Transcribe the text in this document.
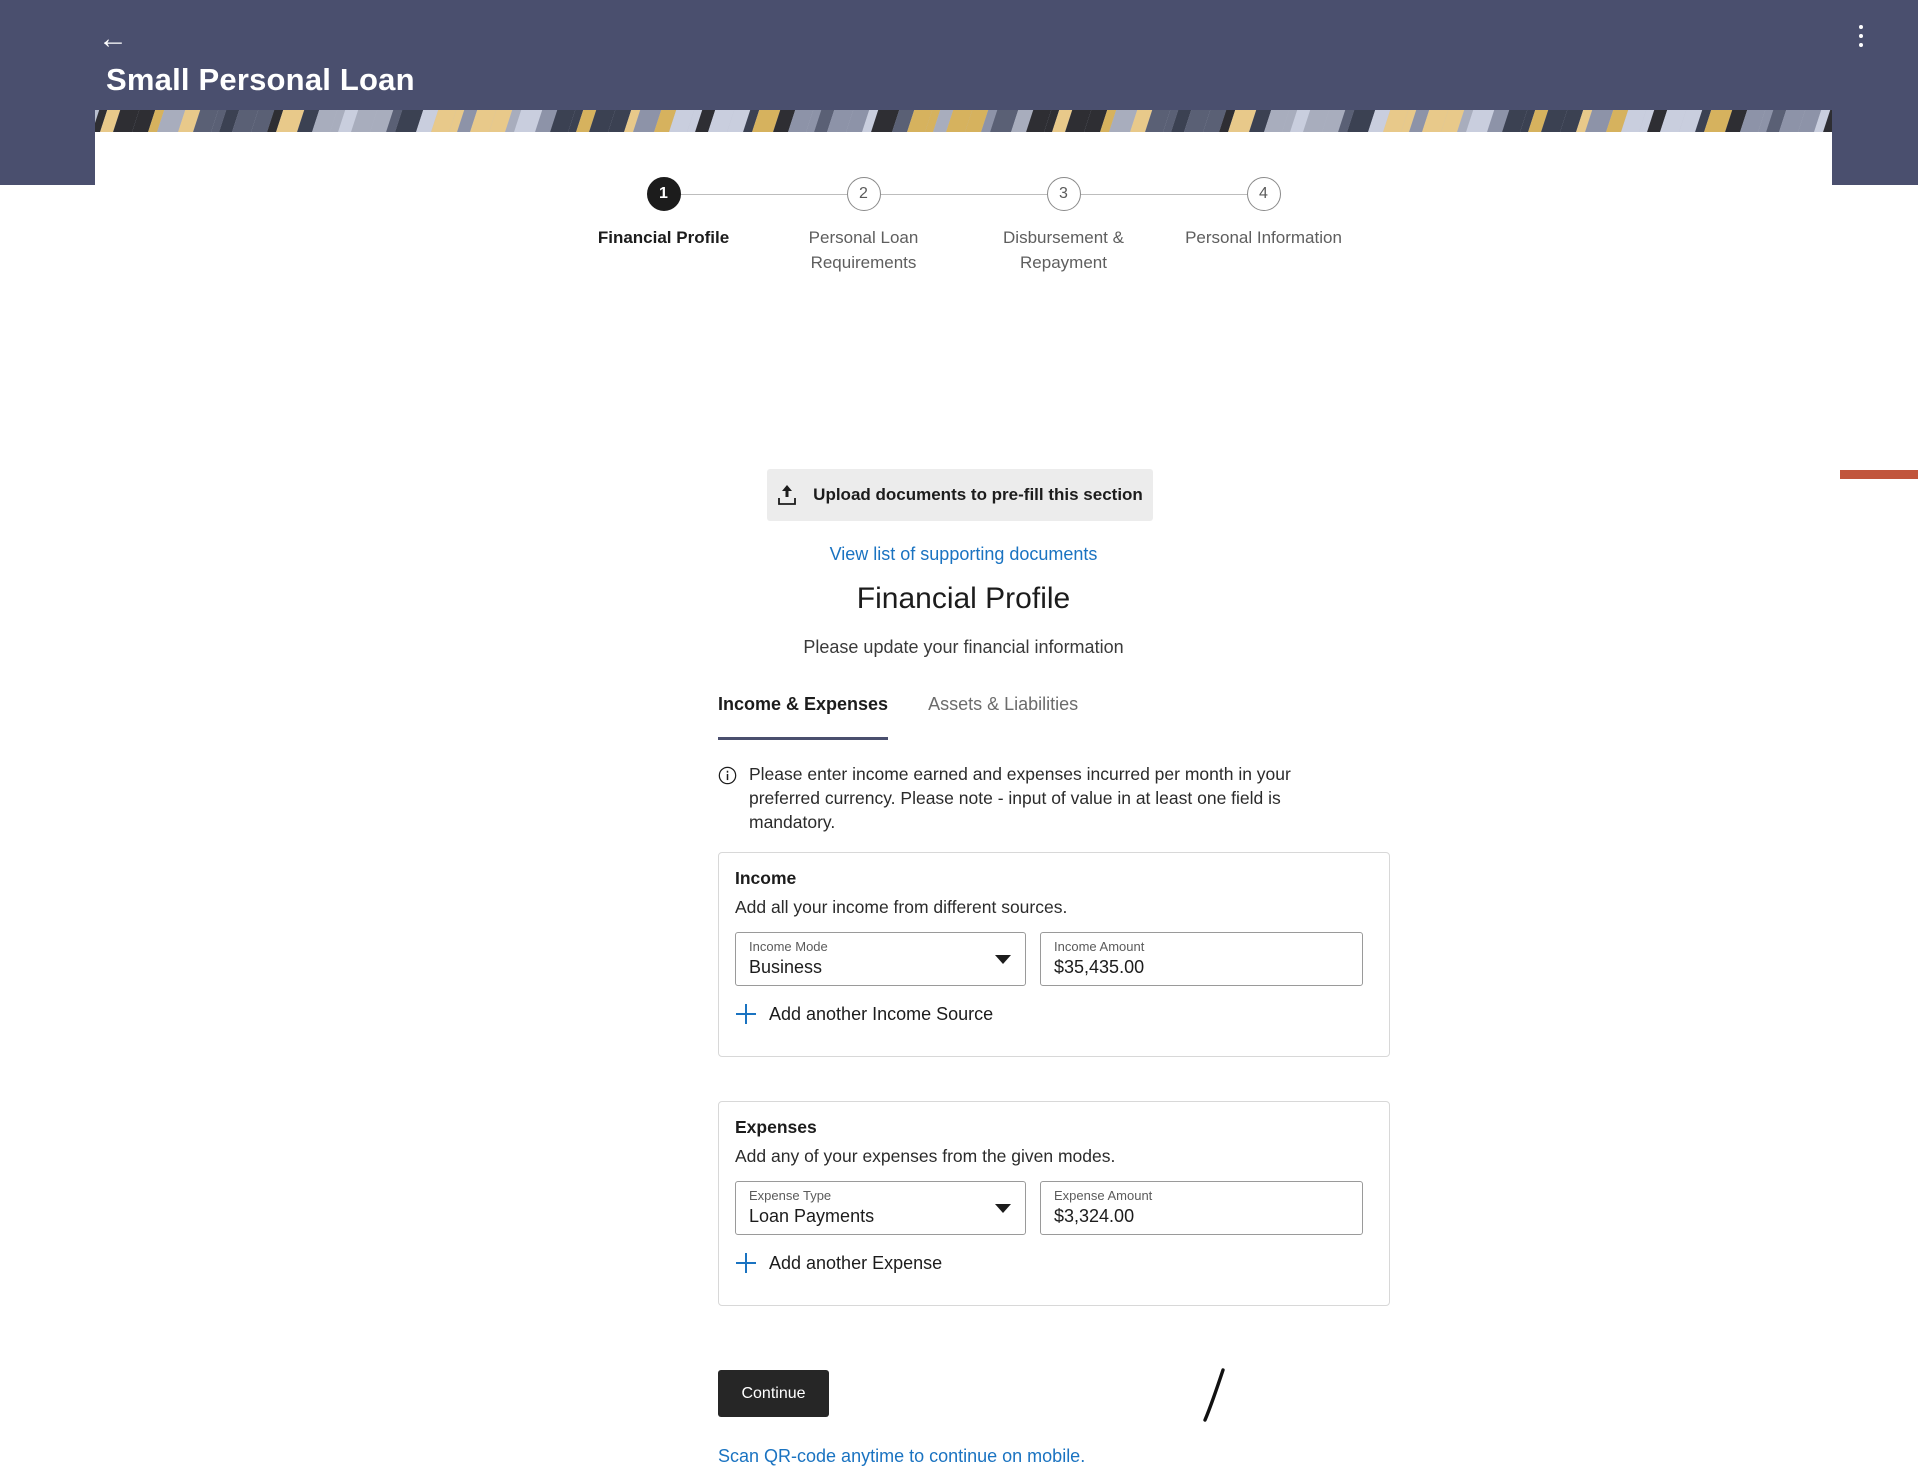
←
Small Personal Loan
1
Financial Profile
2
Personal Loan Requirements
3
Disbursement & Repayment
4
Personal Information
Upload documents to pre-fill this section
View list of supporting documents
Financial Profile
Please update your financial information
Income & Expenses Assets & Liabilities
Please enter income earned and expenses incurred per month in your preferred currency. Please note - input of value in at least one field is mandatory.
Income
Add all your income from different sources.
Income Mode
Business
Income Amount
$35,435.00
Add another Income Source
Expenses
Add any of your expenses from the given modes.
Expense Type
Loan Payments
Expense Amount
$3,324.00
Add another Expense
Continue
Scan QR-code anytime to continue on mobile.
